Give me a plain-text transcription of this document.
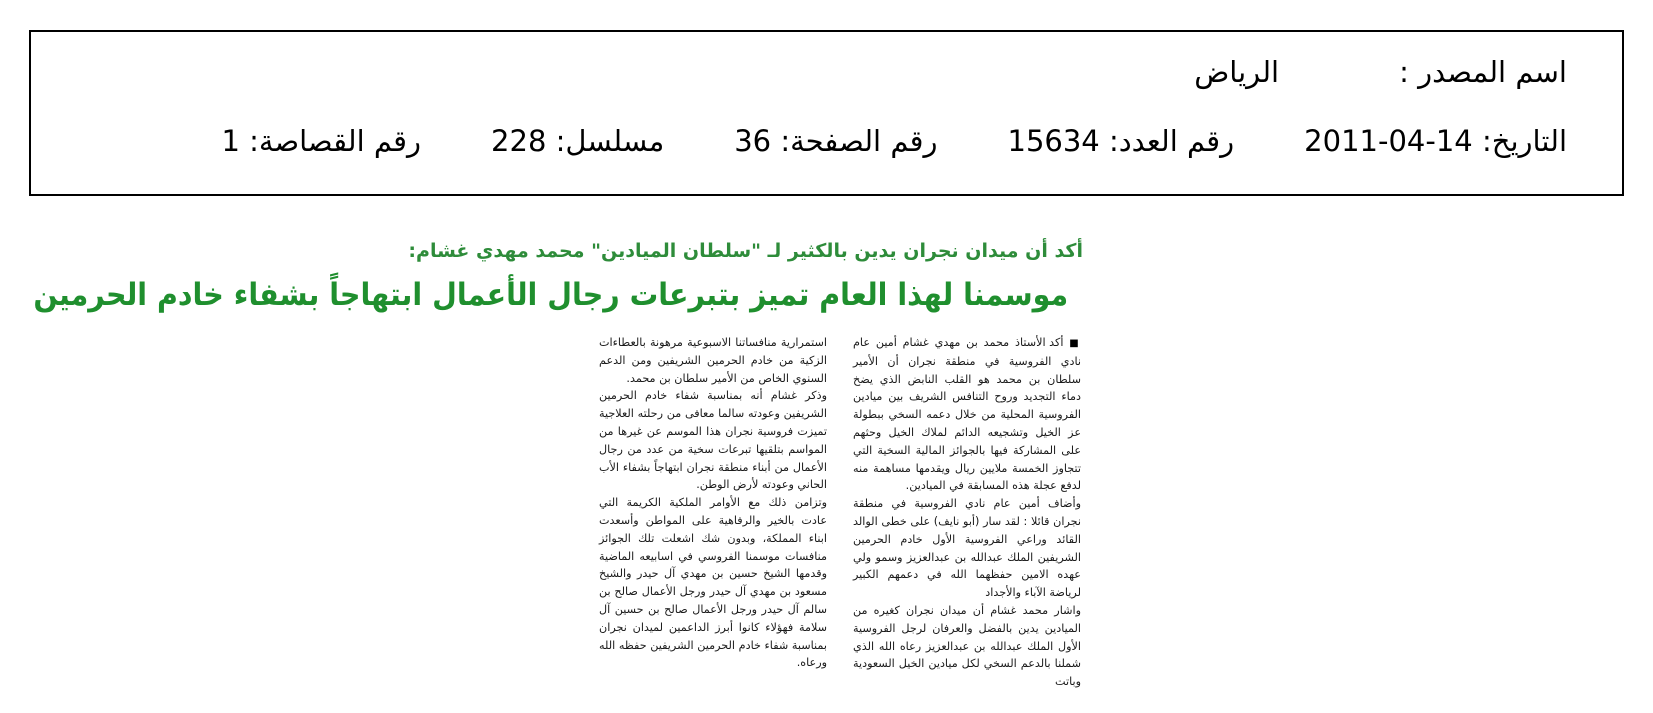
اسم المصدر :الرياض
التاريخ: 14-04-2011رقم العدد: 15634رقم الصفحة: 36مسلسل: 228رقم القصاصة: 1
أكد أن ميدان نجران يدين بالكثير لـ "سلطان الميادين" محمد مهدي غشام:
موسمنا لهذا العام تميز بتبرعات رجال الأعمال ابتهاجاً بشفاء خادم الحرمين

■ أكد الأستاذ محمد بن مهدي غشام أمين عام نادي الفروسية في منطقة نجران أن الأمير سلطان بن محمد هو القلب النابض الذي يضخ دماء التجديد وروح التنافس الشريف بين ميادين الفروسية المحلية من خلال دعمه السخي ببطولة عز الخيل وتشجيعه الدائم لملاك الخيل وحثهم على المشاركة فيها بالجوائز المالية السخية التي تتجاوز الخمسة ملايين ريال ويقدمها مساهمة منه لدفع عجلة هذه المسابقة في الميادين.

وأضاف أمين عام نادي الفروسية في منطقة نجران قائلا : لقد سار (أبو نايف) على خطى الوالد القائد وراعي الفروسية الأول خادم الحرمين الشريفين الملك عبدالله بن عبدالعزيز وسمو ولي عهده الامين حفظهما الله في دعمهم الكبير لرياضة الآباء والأجداد

واشار محمد غشام أن ميدان نجران كغيره من الميادين يدين بالفضل والعرفان لرجل الفروسية الأول الملك عبدالله بن عبدالعزيز رعاه الله الذي شملنا بالدعم السخي لكل ميادين الخيل السعودية وباتت

استمرارية منافساتنا الاسبوعية مرهونة بالعطاءات الزكية من خادم الحرمين الشريفين ومن الدعم السنوي الخاص من الأمير سلطان بن محمد.

وذكر غشام أنه بمناسبة شفاء خادم الحرمين الشريفين وعودته سالما معافى من رحلته العلاجية تميزت فروسية نجران هذا الموسم عن غيرها من المواسم بتلقيها تبرعات سخية من عدد من رجال الأعمال من أبناء منطقة نجران ابتهاجاً بشفاء الأب الحاني وعودته لأرض الوطن.

وتزامن ذلك مع الأوامر الملكية الكريمة التي عادت بالخير والرفاهية على المواطن وأسعدت ابناء المملكة، وبدون شك اشعلت تلك الجوائز منافسات موسمنا الفروسي في اسابيعه الماضية وقدمها الشيخ حسين بن مهدي آل حيدر والشيخ مسعود بن مهدي آل حيدر ورجل الأعمال صالح بن سالم آل حيدر ورجل الأعمال صالح بن حسين آل سلامة فهؤلاء كانوا أبرز الداعمين لميدان نجران بمناسبة شفاء خادم الحرمين الشريفين حفظه الله ورعاه.
